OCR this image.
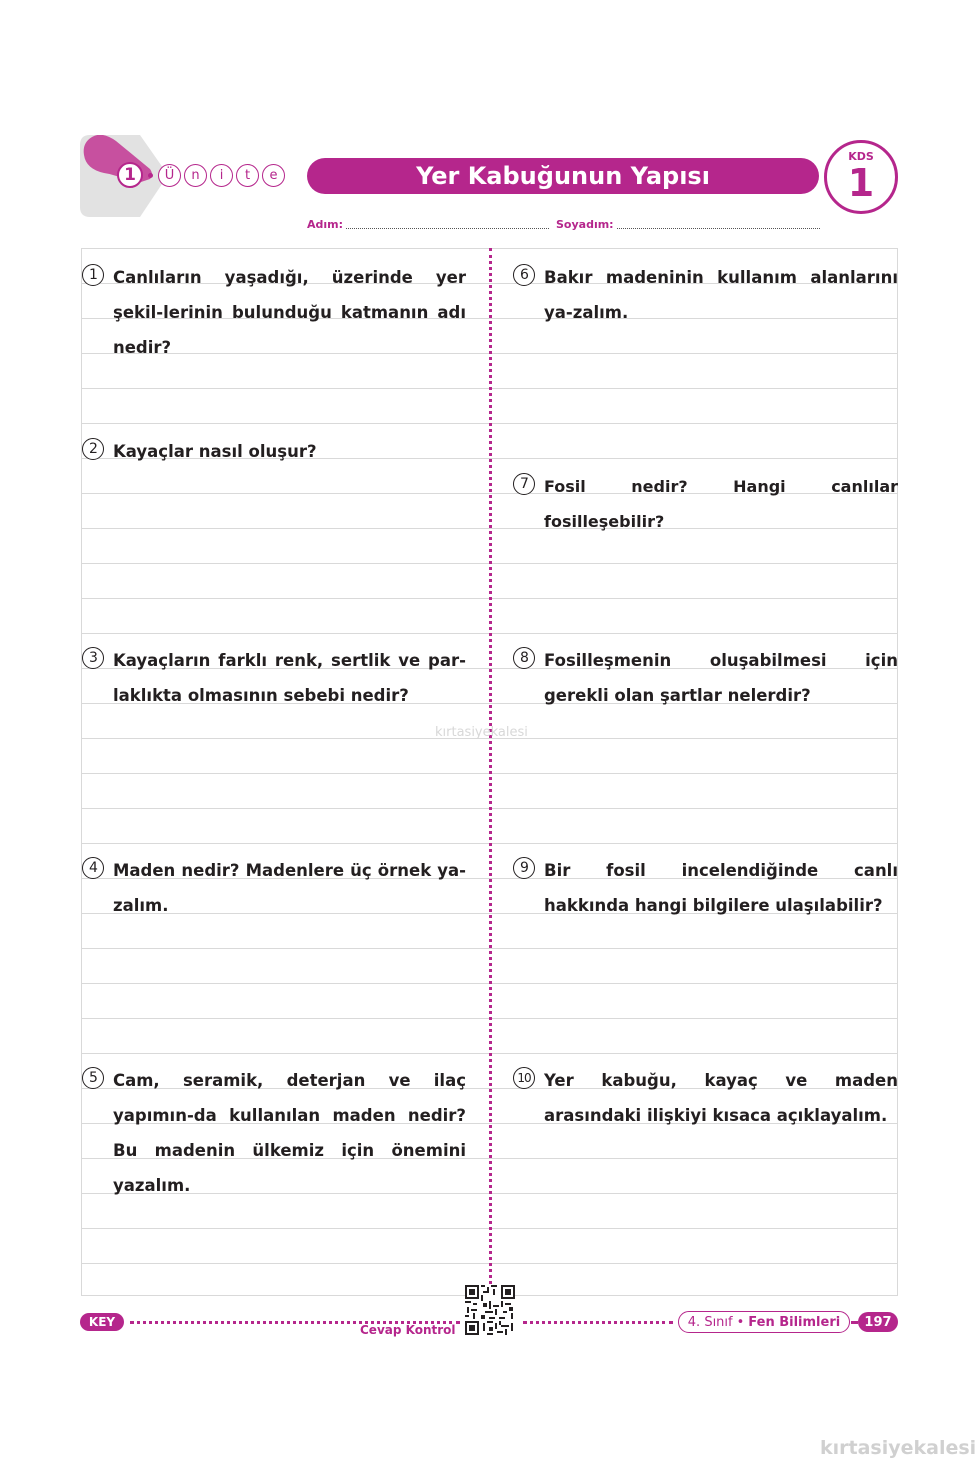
1	Ü	n	i	t	e	Yer Kabuğunun Yapısı
KDS
1
Adım:	Soyadım:
kırtasiyekalesi
1 Canlıların yaşadığı, üzerinde yer şekil-lerinin bulunduğu katmanın adı nedir?
2 Kayaçlar nasıl oluşur?
3 Kayaçların farklı renk, sertlik ve par-laklıkta olmasının sebebi nedir?
4 Maden nedir? Madenlere üç örnek ya-zalım.
5 Cam, seramik, deterjan ve ilaç yapımın-da kullanılan maden nedir? Bu madenin ülkemiz için önemini yazalım.
6 Bakır madeninin kullanım alanlarını ya-zalım.
7	Fosil nedir? Hangi canlılar fosilleşebilir?
8 Fosilleşmenin oluşabilmesi için gerekli olan şartlar nelerdir?
9 Bir fosil incelendiğinde canlı hakkında hangi bilgilere ulaşılabilir?
10 Yer kabuğu, kayaç ve maden arasındaki ilişkiyi kısaca açıklayalım.
KEY
Cevap Kontrol
4. Sınıf • Fen Bilimleri	197
kırtasiyekalesi
